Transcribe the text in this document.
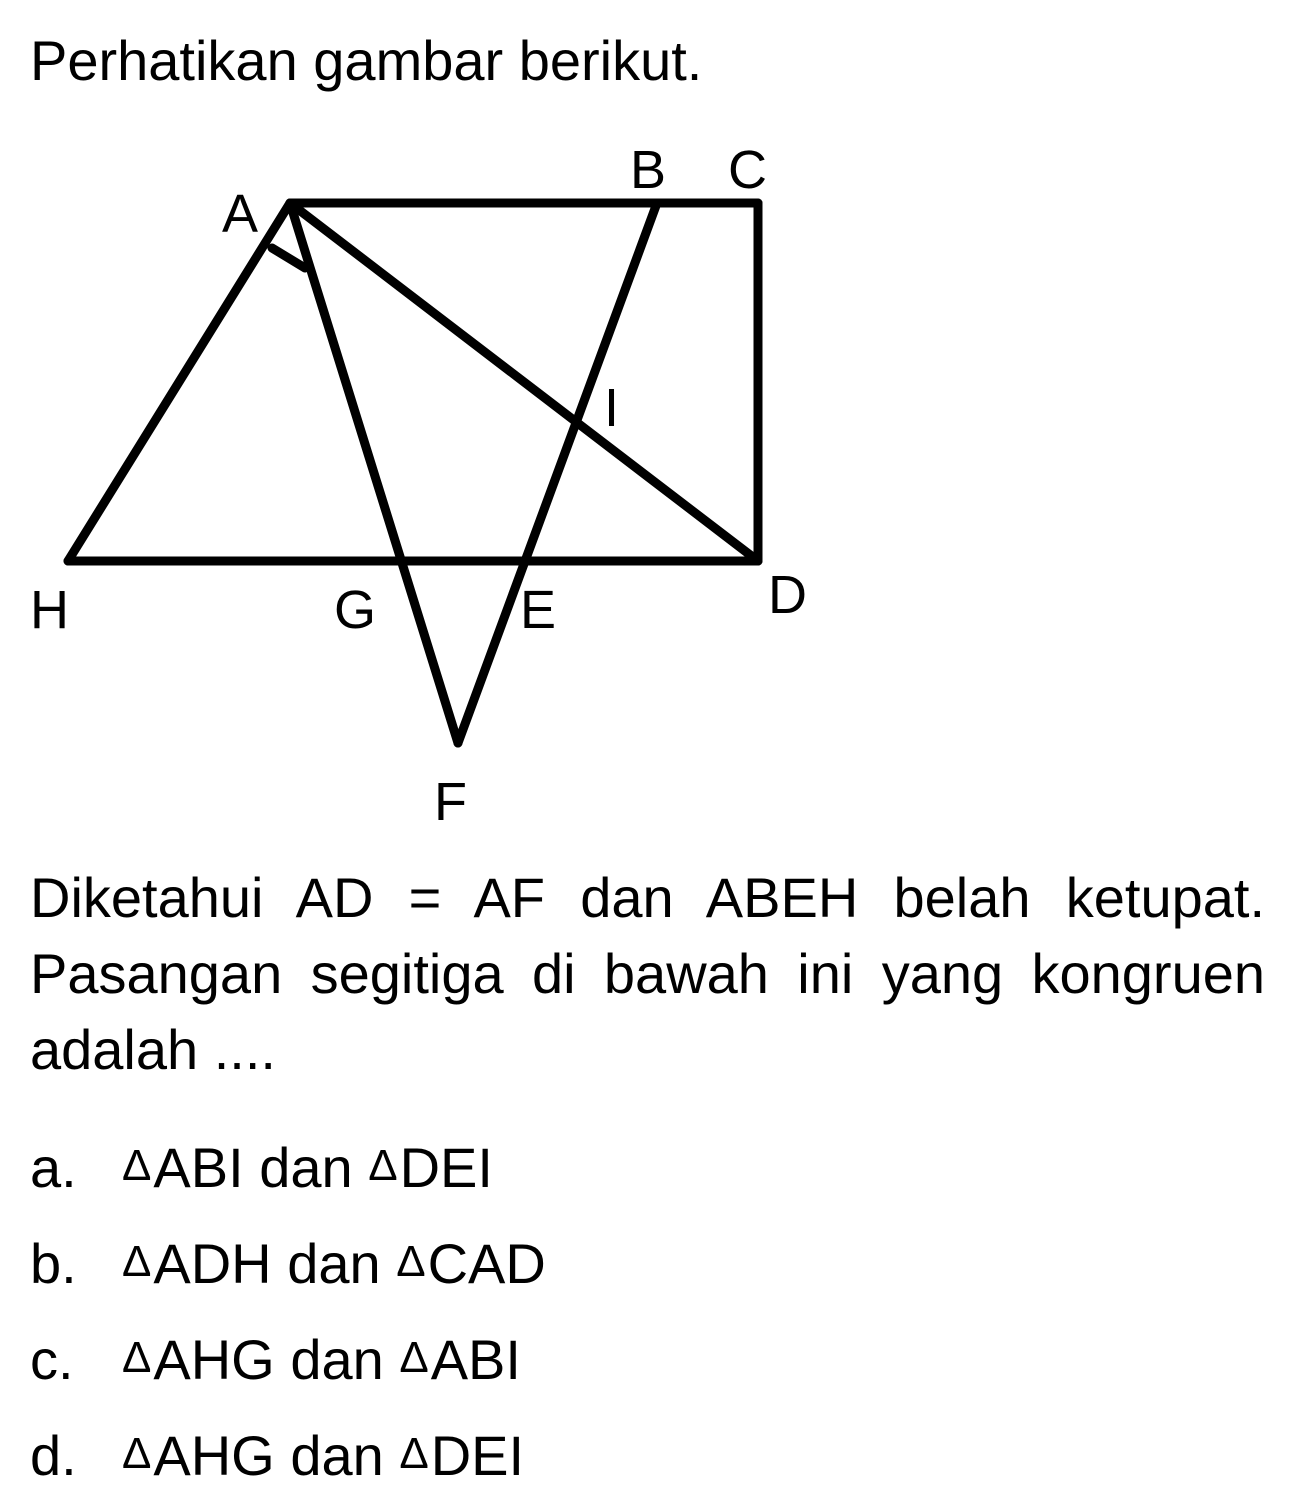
Perhatikan gambar berikut.
A
B C
I
H	G	E	D
F
Diketahui AD = AF dan ABEH belah ketupat. Pasangan segitiga di bawah ini yang kongruen adalah ....
a.	Δ ABI
dan
Δ DEI
b.	Δ ADH
dan
Δ CAD
c.	Δ AHG
dan
Δ ABI
d.	Δ AHG
dan
Δ DEI
